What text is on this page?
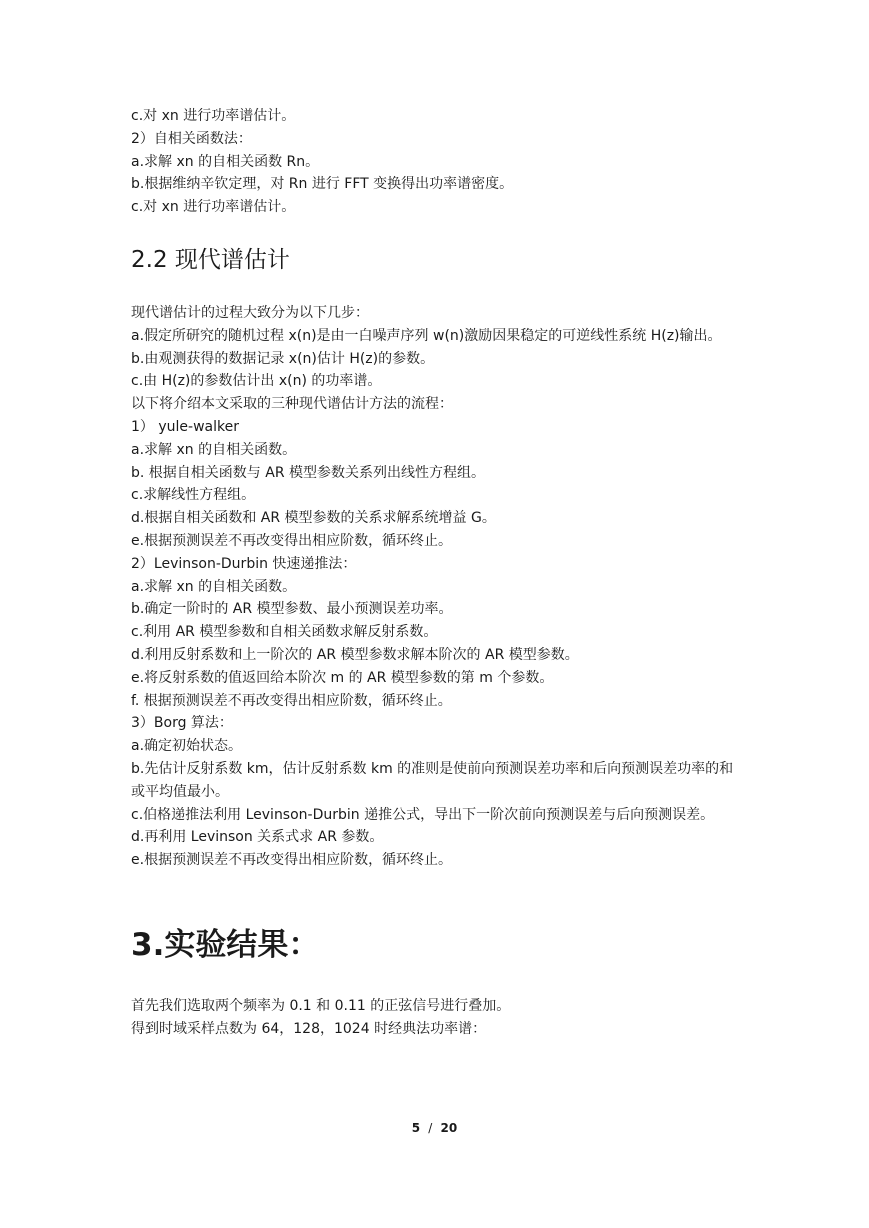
c.对 xn 进行功率谱估计。

2）自相关函数法：

a.求解 xn 的自相关函数 Rn。

b.根据维纳辛钦定理，对 Rn 进行 FFT 变换得出功率谱密度。

c.对 xn 进行功率谱估计。

2.2 现代谱估计

现代谱估计的过程大致分为以下几步：

a.假定所研究的随机过程 x(n)是由一白噪声序列 w(n)激励因果稳定的可逆线性系统 H(z)输出。

b.由观测获得的数据记录 x(n)估计 H(z)的参数。

c.由 H(z)的参数估计出 x(n) 的功率谱。

以下将介绍本文采取的三种现代谱估计方法的流程：

1） yule-walker

a.求解 xn 的自相关函数。

b. 根据自相关函数与 AR 模型参数关系列出线性方程组。

c.求解线性方程组。

d.根据自相关函数和 AR 模型参数的关系求解系统增益 G。

e.根据预测误差不再改变得出相应阶数，循环终止。

2）Levinson-Durbin 快速递推法：

a.求解 xn 的自相关函数。

b.确定一阶时的 AR 模型参数、最小预测误差功率。

c.利用 AR 模型参数和自相关函数求解反射系数。

d.利用反射系数和上一阶次的 AR 模型参数求解本阶次的 AR 模型参数。

e.将反射系数的值返回给本阶次 m 的 AR 模型参数的第 m 个参数。

f. 根据预测误差不再改变得出相应阶数，循环终止。

3）Borg 算法：

a.确定初始状态。

b.先估计反射系数 km，估计反射系数 km 的准则是使前向预测误差功率和后向预测误差功率的和或平均值最小。

c.伯格递推法利用 Levinson-Durbin 递推公式，导出下一阶次前向预测误差与后向预测误差。

d.再利用 Levinson 关系式求 AR 参数。

e.根据预测误差不再改变得出相应阶数，循环终止。

3.实验结果：

首先我们选取两个频率为 0.1 和 0.11 的正弦信号进行叠加。

得到时域采样点数为 64，128，1024 时经典法功率谱：

5 / 20
